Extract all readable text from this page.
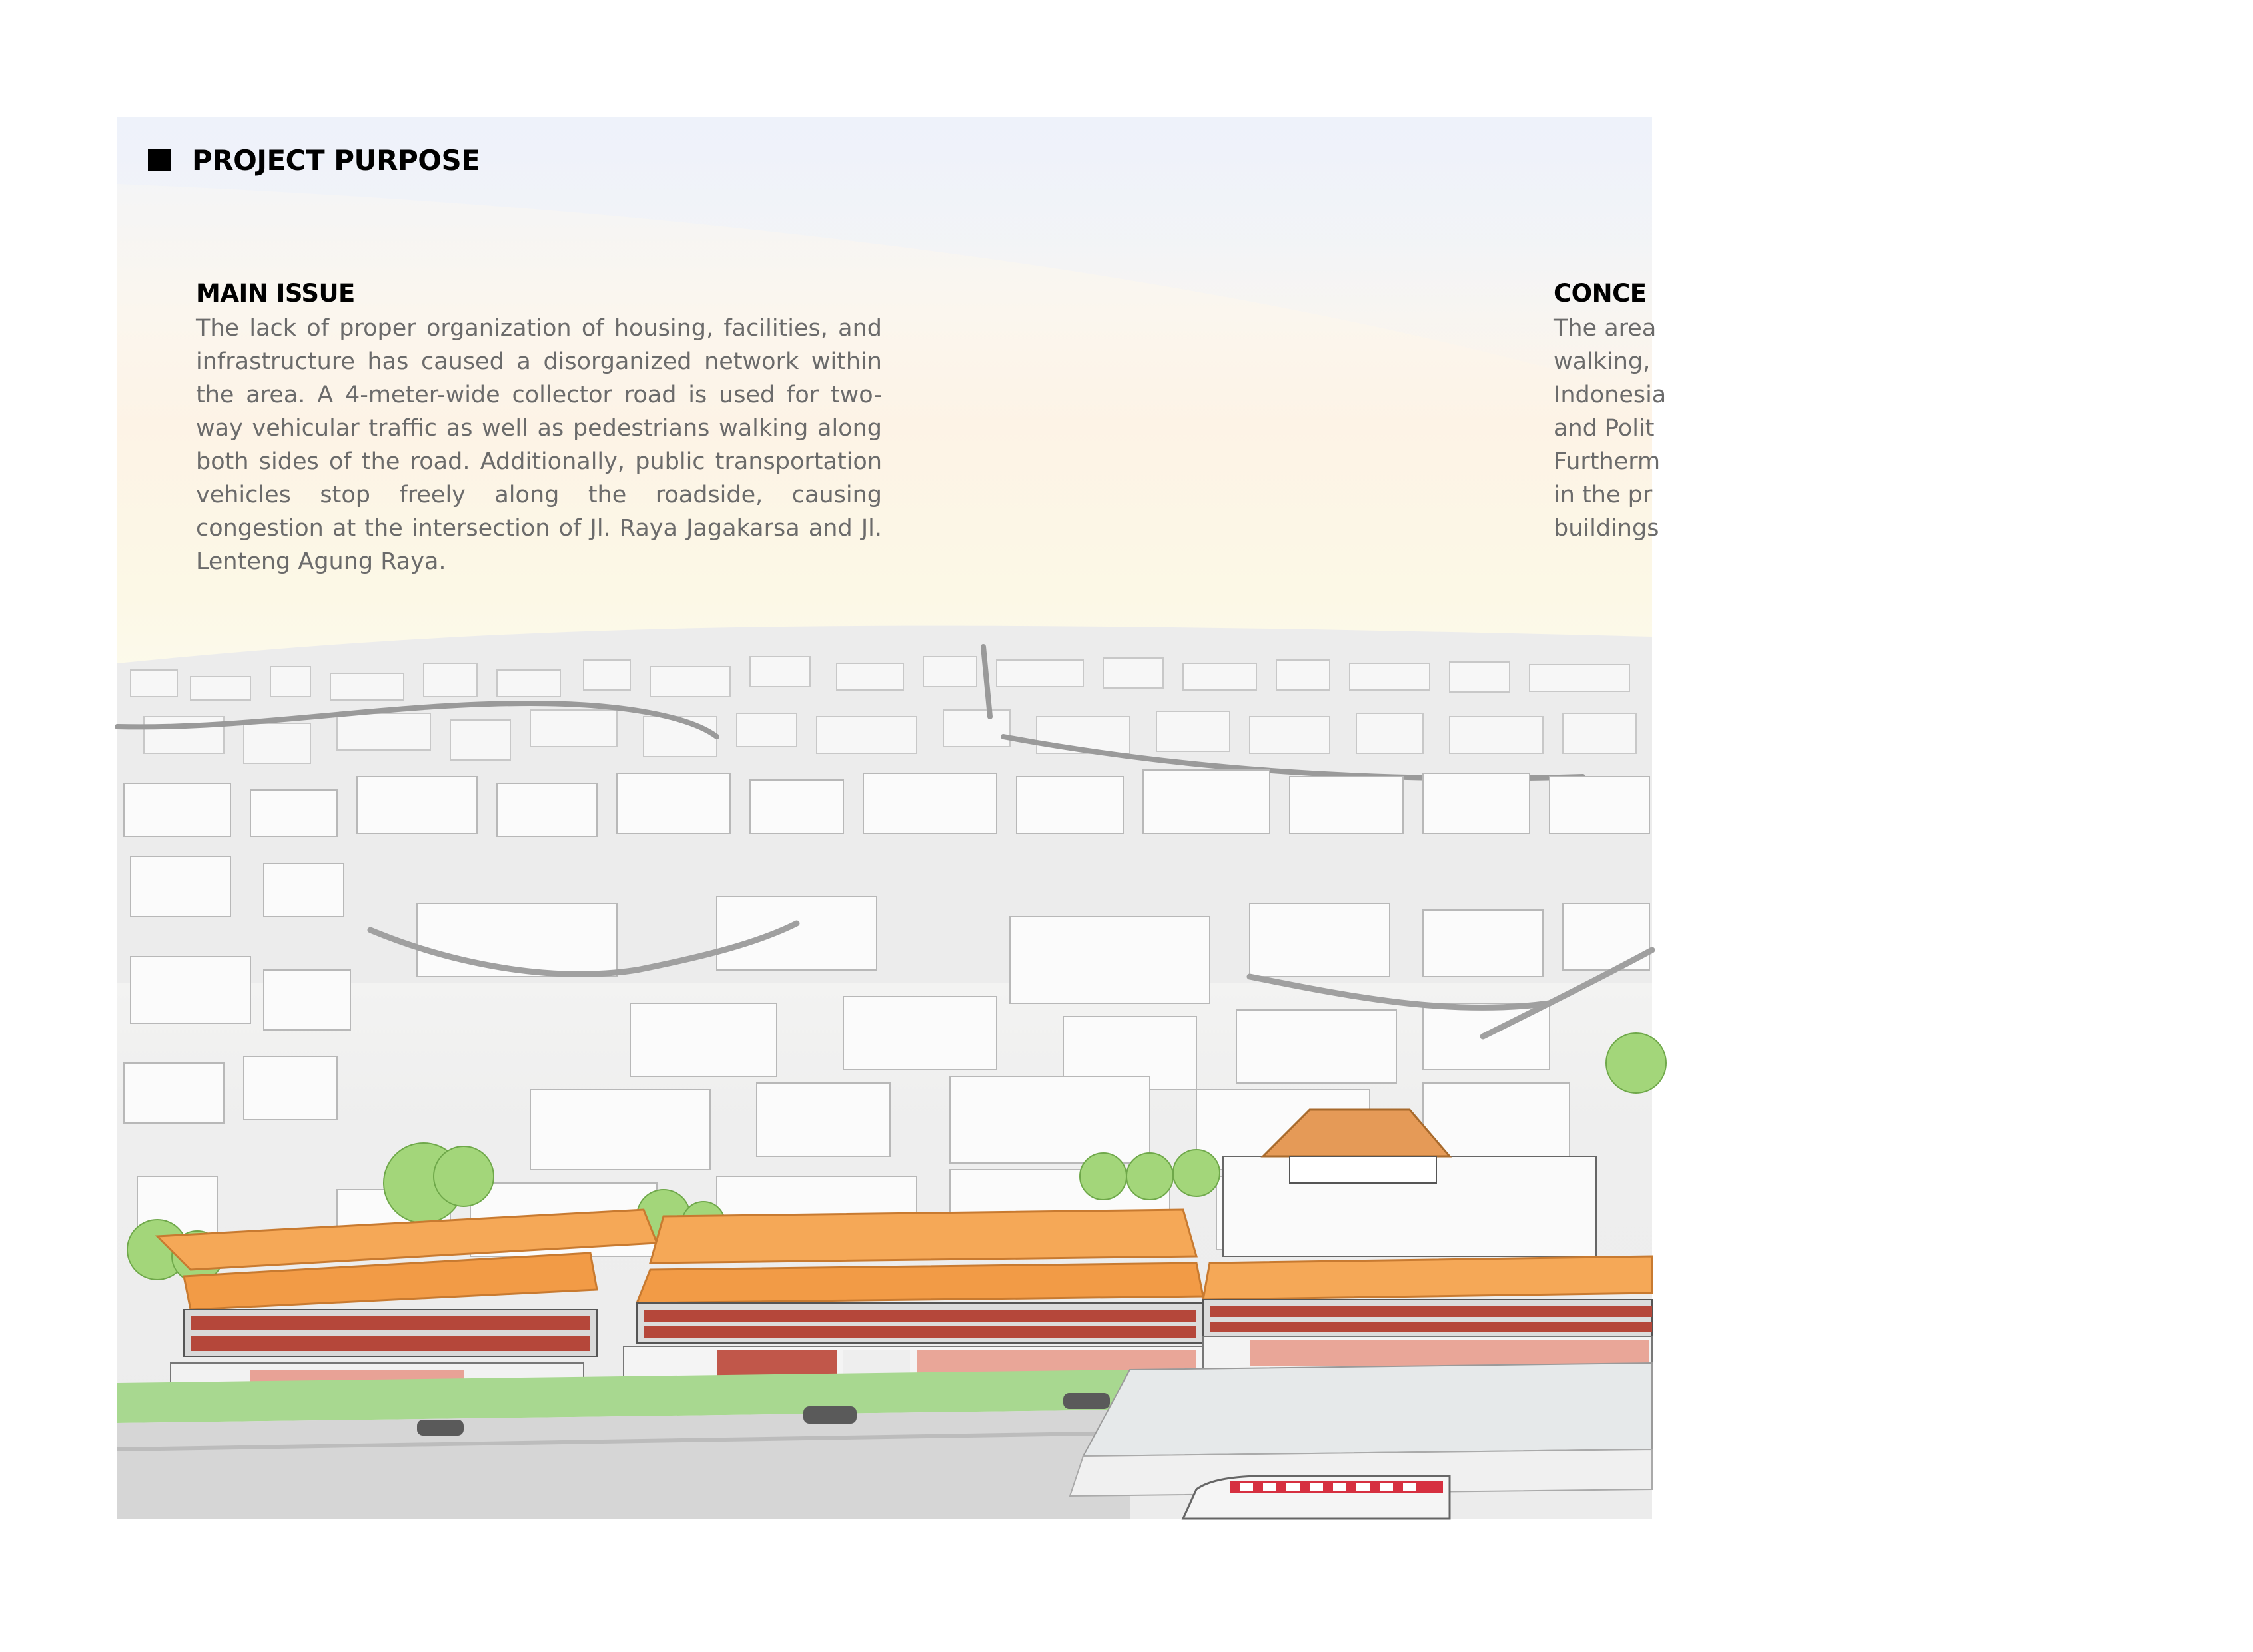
PROJECT PURPOSE
MAIN ISSUE

The lack of proper organization of housing, facilities, and infrastructure has caused a disorganized network within the area. A 4-meter-wide collector road is used for two-way vehicular traffic as well as pedestrians walking along both sides of the road. Additionally, public transportation vehicles stop freely along the roadside, causing congestion at the intersection of Jl. Raya Jagakarsa and Jl. Lenteng Agung Raya.

CONCE

The area

walking,

Indonesia

and Polit

Furtherm

in the pr

buildings
